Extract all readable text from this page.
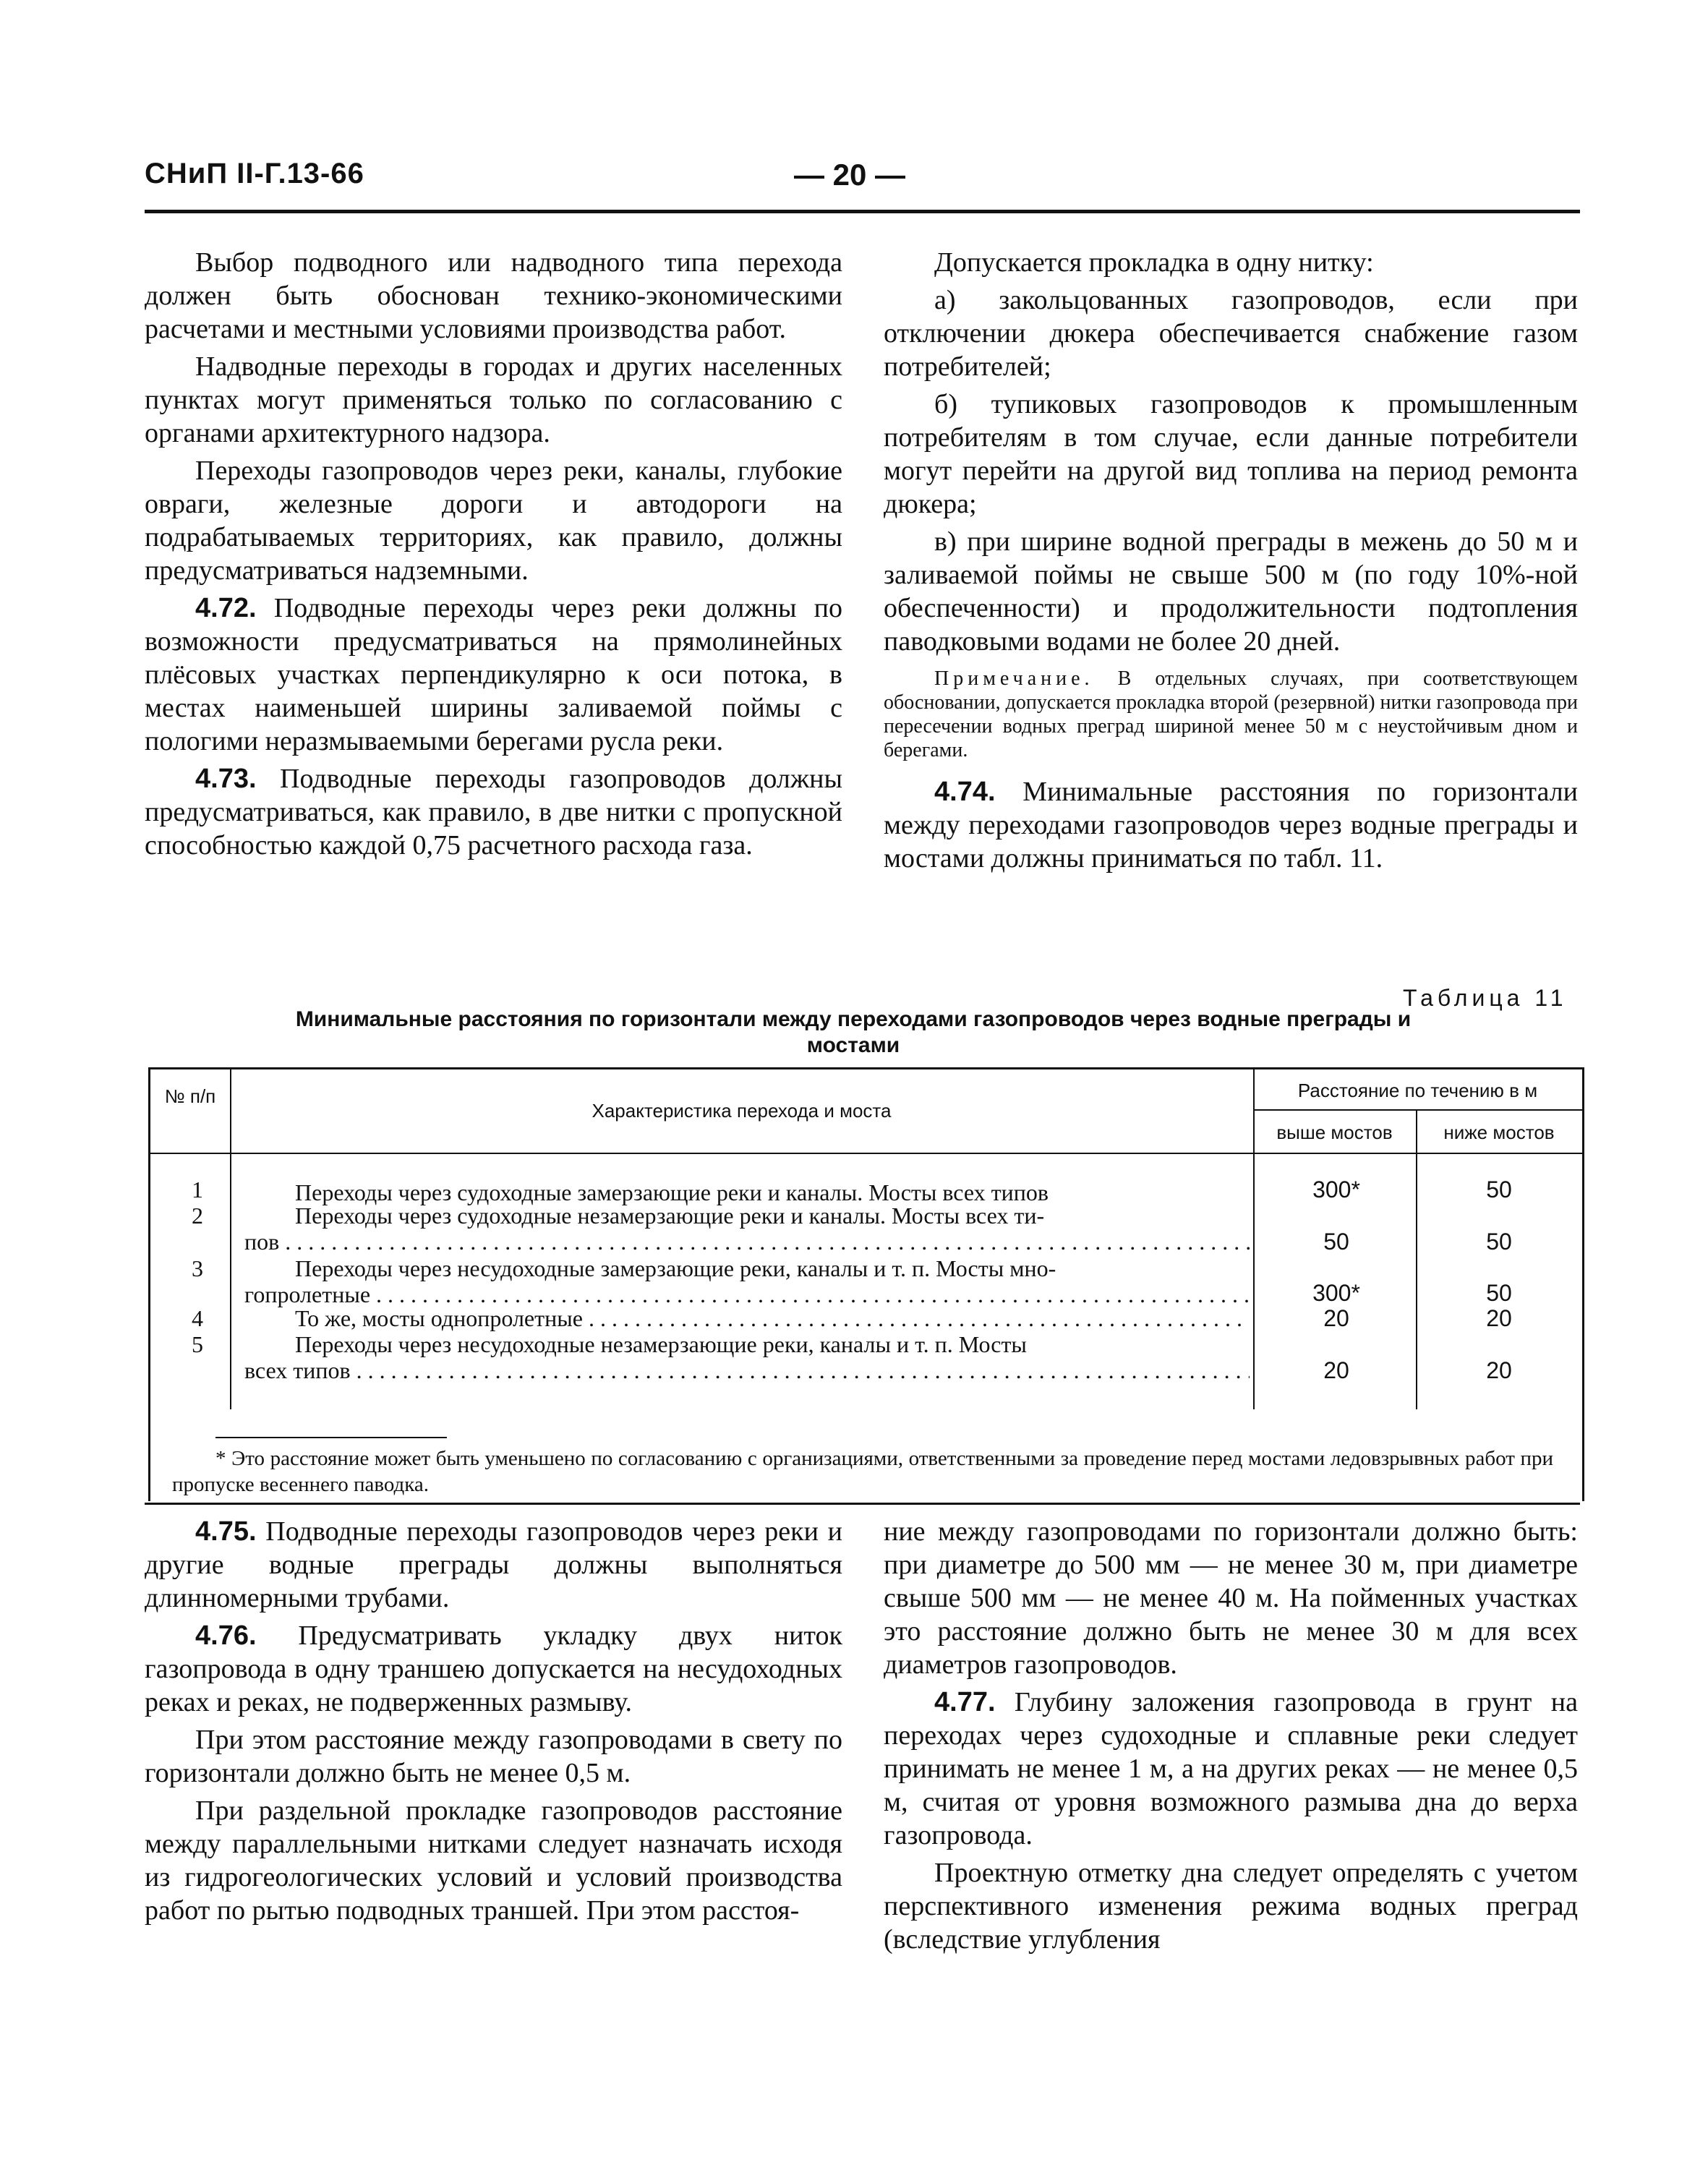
СНиП II-Г.13-66	— 20 —

Выбор подводного или надводного типа перехода должен быть обоснован технико-экономическими расчетами и местными условиями производства работ.

Надводные переходы в городах и других населенных пунктах могут применяться только по согласованию с органами архитектурного надзора.

Переходы газопроводов через реки, каналы, глубокие овраги, железные дороги и автодороги на подрабатываемых территориях, как правило, должны предусматриваться надземными.

4.72. Подводные переходы через реки должны по возможности предусматриваться на прямолинейных плёсовых участках перпендикулярно к оси потока, в местах наименьшей ширины заливаемой поймы с пологими неразмываемыми берегами русла реки.

4.73. Подводные переходы газопроводов должны предусматриваться, как правило, в две нитки с пропускной способностью каждой 0,75 расчетного расхода газа.

Допускается прокладка в одну нитку:

а) закольцованных газопроводов, если при отключении дюкера обеспечивается снабжение газом потребителей;

б) тупиковых газопроводов к промышленным потребителям в том случае, если данные потребители могут перейти на другой вид топлива на период ремонта дюкера;

в) при ширине водной преграды в межень до 50 м и заливаемой поймы не свыше 500 м (по году 10%-ной обеспеченности) и продолжительности подтопления паводковыми водами не более 20 дней.

Примечание. В отдельных случаях, при соответствующем обосновании, допускается прокладка второй (резервной) нитки газопровода при пересечении водных преград шириной менее 50 м с неустойчивым дном и берегами.

4.74. Минимальные расстояния по горизонтали между переходами газопроводов через водные преграды и мостами должны приниматься по табл. 11.

Таблица 11
Минимальные расстояния по горизонтали между переходами газопроводов через водные преграды и мостами
№ п/п
Характеристика перехода и моста
Расстояние по течению в м
выше мостов	ниже мостов
1	Переходы через судоходные замерзающие реки и каналы. Мосты всех типов	300*	50
2	Переходы через судоходные незамерзающие реки и каналы. Мосты всех ти-
пов . . .	50	50
3	Переходы через несудоходные замерзающие реки, каналы и т. п. Мосты мно-
гопролетные . . .	300*	50
4	То же, мосты однопролетные . . .	20	20
5	Переходы через несудоходные незамерзающие реки, каналы и т. п. Мосты
всех типов . . .	20	20
* Это расстояние может быть уменьшено по согласованию с организациями, ответственными за проведение перед мостами ледовзрывных работ при пропуске весеннего паводка.

4.75. Подводные переходы газопроводов через реки и другие водные преграды должны выполняться длинномерными трубами.

4.76. Предусматривать укладку двух ниток газопровода в одну траншею допускается на несудоходных реках и реках, не подверженных размыву.

При этом расстояние между газопроводами в свету по горизонтали должно быть не менее 0,5 м.

При раздельной прокладке газопроводов расстояние между параллельными нитками следует назначать исходя из гидрогеологических условий и условий производства работ по рытью подводных траншей. При этом расстоя-

ние между газопроводами по горизонтали должно быть: при диаметре до 500 мм — не менее 30 м, при диаметре свыше 500 мм — не менее 40 м. На пойменных участках это расстояние должно быть не менее 30 м для всех диаметров газопроводов.

4.77. Глубину заложения газопровода в грунт на переходах через судоходные и сплавные реки следует принимать не менее 1 м, а на других реках — не менее 0,5 м, считая от уровня возможного размыва дна до верха газопровода.

Проектную отметку дна следует определять с учетом перспективного изменения режима водных преград (вследствие углубления
